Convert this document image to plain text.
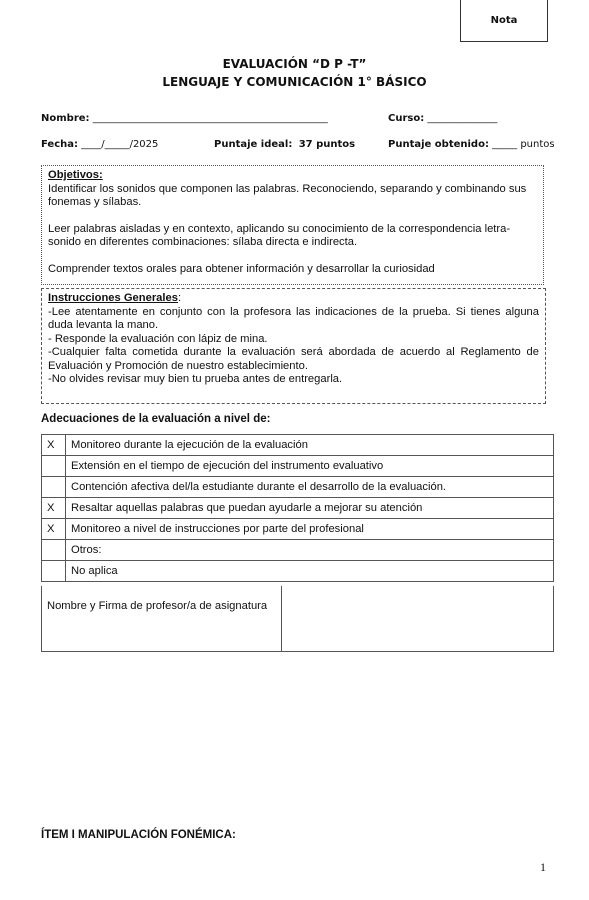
Nota
EVALUACIÓN “D P -T”
LENGUAJE Y COMUNICACIÓN 1° BÁSICO
Nombre: _______________________________________________	Curso: ______________
Fecha: ____/_____/2025	Puntaje ideal: 37 puntos	Puntaje obtenido: _____ puntos

Objetivos:

Identificar los sonidos que componen las palabras. Reconociendo, separando y combinando sus fonemas y sílabas.

Leer palabras aisladas y en contexto, aplicando su conocimiento de la correspondencia letra-sonido en diferentes combinaciones: sílaba directa e indirecta.

Comprender textos orales para obtener información y desarrollar la curiosidad

Instrucciones Generales:

-Lee atentamente en conjunto con la profesora las indicaciones de la prueba. Si tienes alguna duda levanta la mano.

- Responde la evaluación con lápiz de mina.

-Cualquier falta cometida durante la evaluación será abordada de acuerdo al Reglamento de Evaluación y Promoción de nuestro establecimiento.

-No olvides revisar muy bien tu prueba antes de entregarla.

Adecuaciones de la evaluación a nivel de:
X	Monitoreo durante la ejecución de la evaluación
	Extensión en el tiempo de ejecución del instrumento evaluativo
	Contención afectiva del/la estudiante durante el desarrollo de la evaluación.
X	Resaltar aquellas palabras que puedan ayudarle a mejorar su atención
X	Monitoreo a nivel de instrucciones por parte del profesional
	Otros:
	No aplica
Nombre y Firma de profesor/a de asignatura	
ÍTEM I MANIPULACIÓN FONÉMICA:
1
